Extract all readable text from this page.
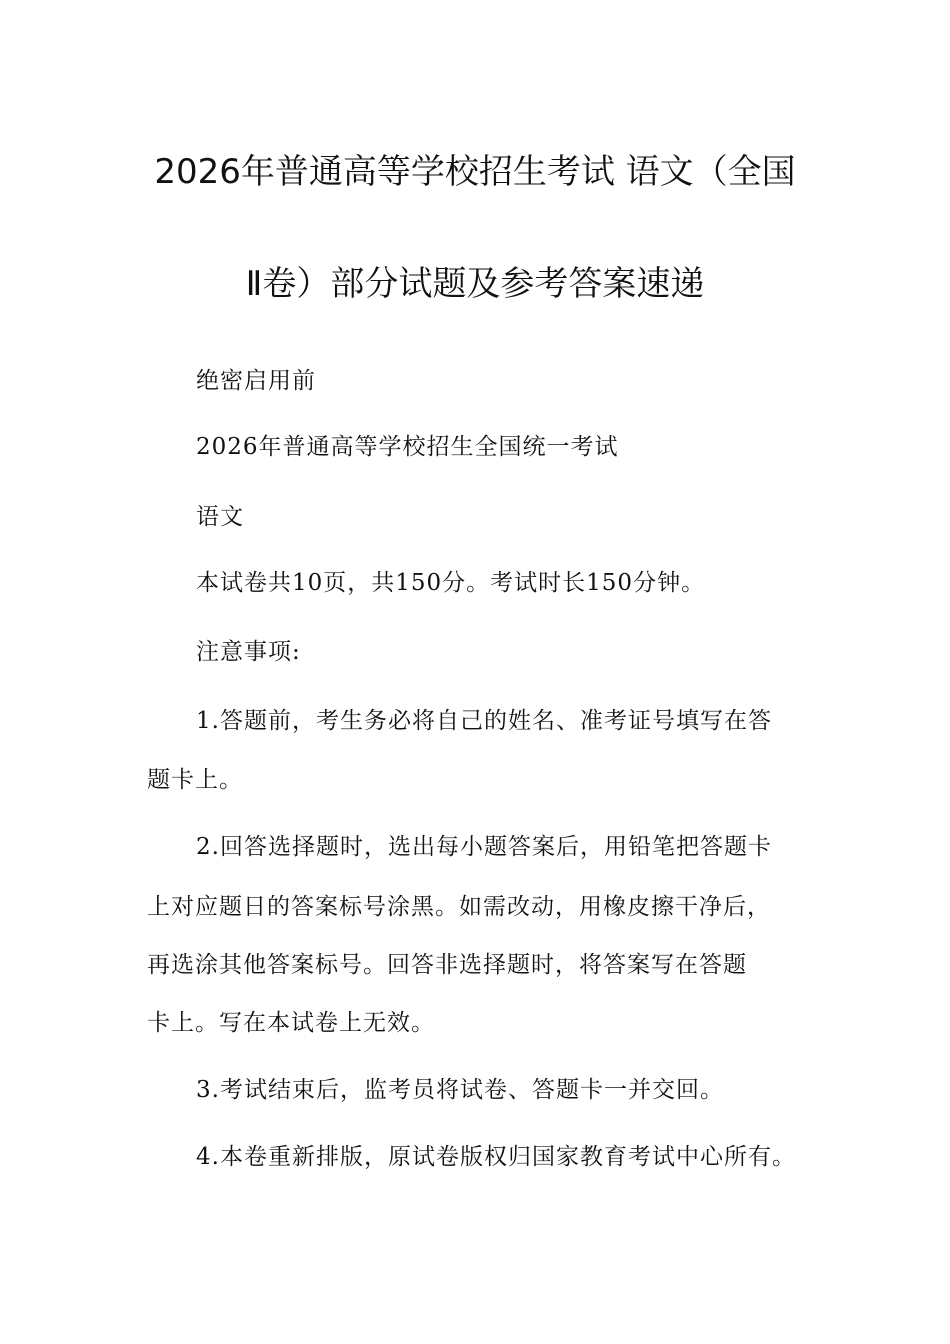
2026年普通高等学校招生考试 语文（全国
Ⅱ卷）部分试题及参考答案速递
绝密启用前
2026年普通高等学校招生全国统一考试
语文
本试卷共10页，共150分。考试时长150分钟。
注意事项:
1.答题前，考生务必将自己的姓名、准考证号填写在答
题卡上。
2.回答选择题时，选出每小题答案后，用铅笔把答题卡
上对应题日的答案标号涂黑。如需改动，用橡皮擦干净后，
再选涂其他答案标号。回答非选择题时，将答案写在答题
卡上。写在本试卷上无效。
3.考试结束后，监考员将试卷、答题卡一并交回。
4.本卷重新排版，原试卷版权归国家教育考试中心所有。
